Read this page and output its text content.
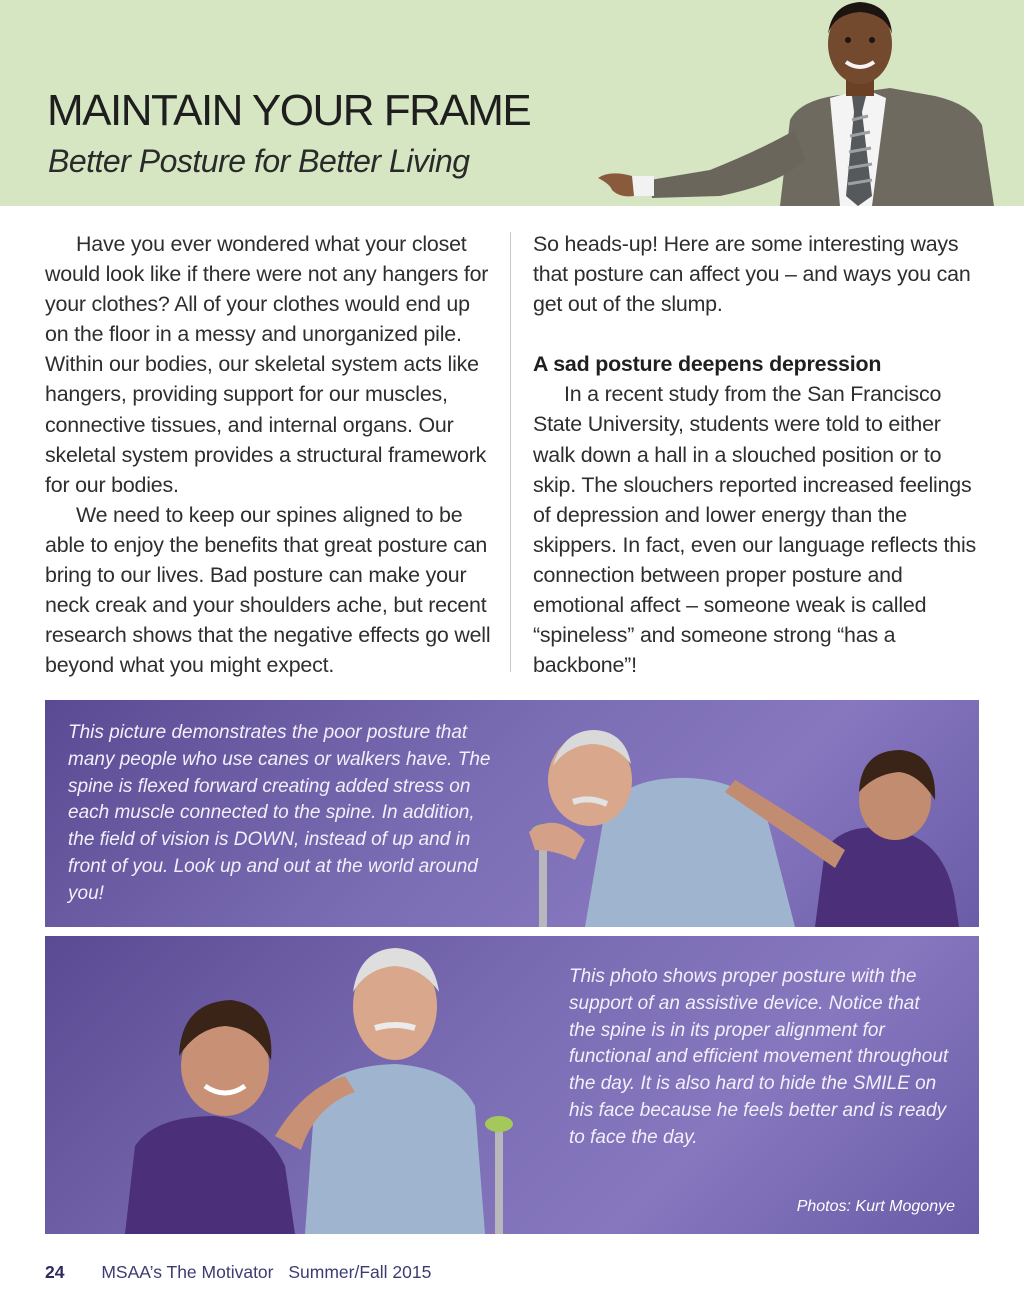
MAINTAIN YOUR FRAME
Better Posture for Better Living

Have you ever wondered what your closet would look like if there were not any hangers for your clothes? All of your clothes would end up on the floor in a messy and unorganized pile. Within our bodies, our skeletal system acts like hangers, providing support for our muscles, connective tissues, and internal organs. Our skeletal system provides a structural framework for our bodies.

We need to keep our spines aligned to be able to enjoy the benefits that great posture can bring to our lives. Bad posture can make your neck creak and your shoulders ache, but recent research shows that the negative effects go well beyond what you might expect.

So heads-up! Here are some interesting ways that posture can affect you – and ways you can get out of the slump.

A sad posture deepens depression

In a recent study from the San Francisco State University, students were told to either walk down a hall in a slouched position or to skip. The slouchers reported increased feelings of depression and lower energy than the skippers. In fact, even our language reflects this connection between proper posture and emotional affect – someone weak is called “spineless” and someone strong “has a backbone”!

This picture demonstrates the poor posture that many people who use canes or walkers have. The spine is flexed forward creating added stress on each muscle connected to the spine. In addition, the field of vision is DOWN, instead of up and in front of you. Look up and out at the world around you!
This photo shows proper posture with the support of an assistive device. Notice that the spine is in its proper alignment for functional and efficient movement throughout the day. It is also hard to hide the SMILE on his face because he feels better and is ready to face the day.
Photos: Kurt Mogonye
24 MSAA’s The Motivator Summer/Fall 2015
